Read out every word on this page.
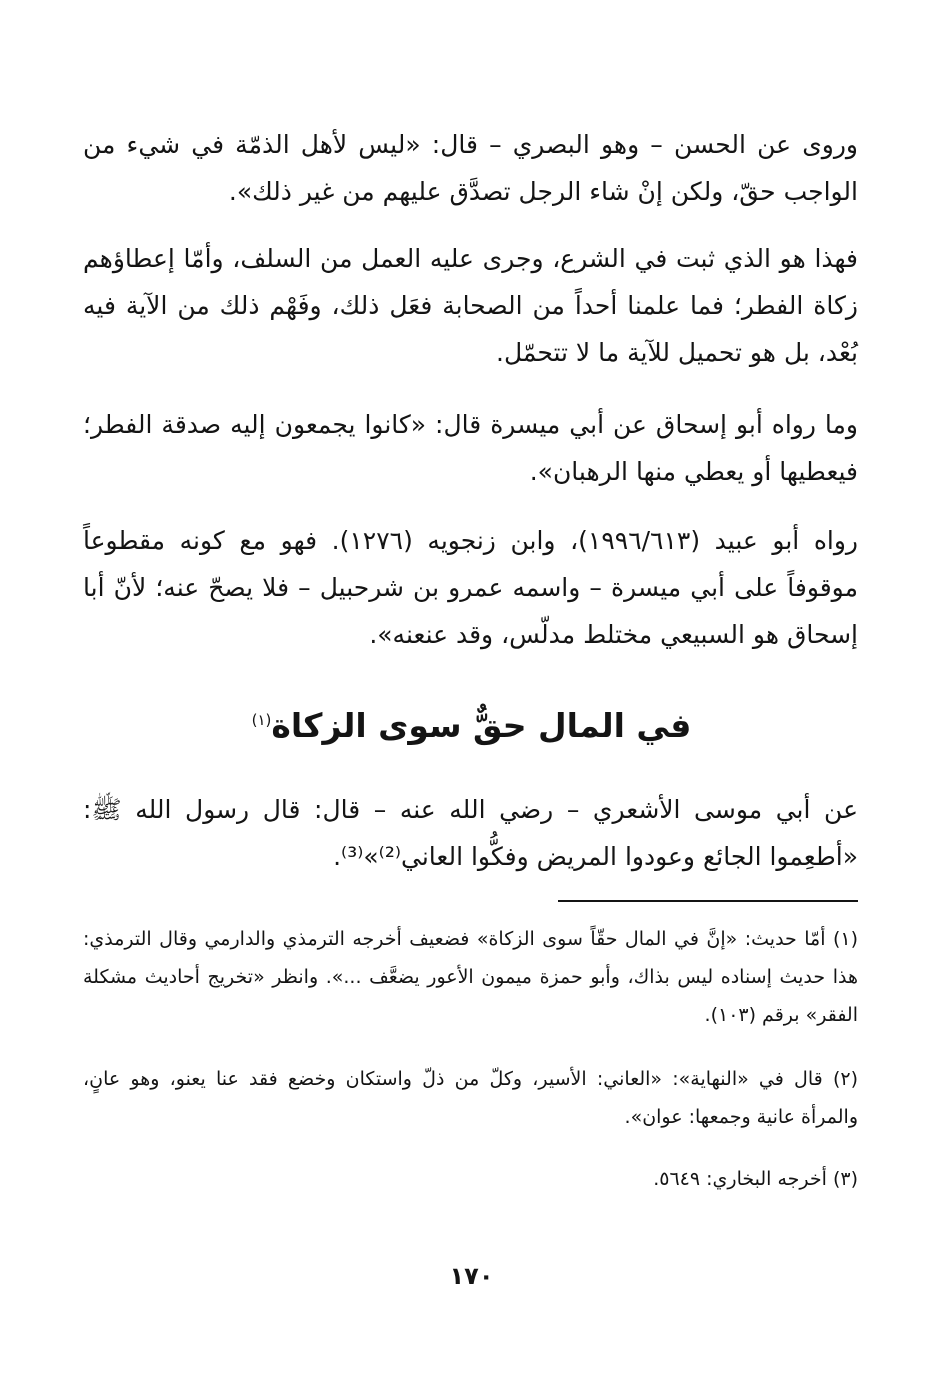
وروى عن الحسن – وهو البصري – قال: «ليس لأهل الذمّة في شيء من الواجب حقّ، ولكن إنْ شاء الرجل تصدَّق عليهم من غير ذلك».

فهذا هو الذي ثبت في الشرع، وجرى عليه العمل من السلف، وأمّا إعطاؤهم زكاة الفطر؛ فما علمنا أحداً من الصحابة فعَل ذلك، وفَهْم ذلك من الآية فيه بُعْد، بل هو تحميل للآية ما لا تتحمّل.

وما رواه أبو إسحاق عن أبي ميسرة قال: «كانوا يجمعون إليه صدقة الفطر؛ فيعطيها أو يعطي منها الرهبان».

رواه أبو عبيد (١٩٩٦/٦١٣)، وابن زنجويه (١٢٧٦). فهو مع كونه مقطوعاً موقوفاً على أبي ميسرة – واسمه عمرو بن شرحبيل – فلا يصحّ عنه؛ لأنّ أبا إسحاق هو السبيعي مختلط مدلّس، وقد عنعنه».

في المال حقٌّ سوى الزكاة$^{(١)}$

عن أبي موسى الأشعري – رضي الله عنه – قال: قال رسول الله ﷺ: «أطعِموا الجائع وعودوا المريض وفكُّوا العاني⁽²⁾»⁽³⁾.

(١) أمّا حديث: «إنَّ في المال حقّاً سوى الزكاة» فضعيف أخرجه الترمذي والدارمي وقال الترمذي: هذا حديث إسناده ليس بذاك، وأبو حمزة ميمون الأعور يضعَّف ...». وانظر «تخريج أحاديث مشكلة الفقر» برقم (١٠٣).

(٢) قال في «النهاية»: «العاني: الأسير، وكلّ من ذلّ واستكان وخضع فقد عنا يعنو، وهو عانٍ، والمرأة عانية وجمعها: عوان».

(٣) أخرجه البخاري: ٥٦٤٩.

١٧٠
